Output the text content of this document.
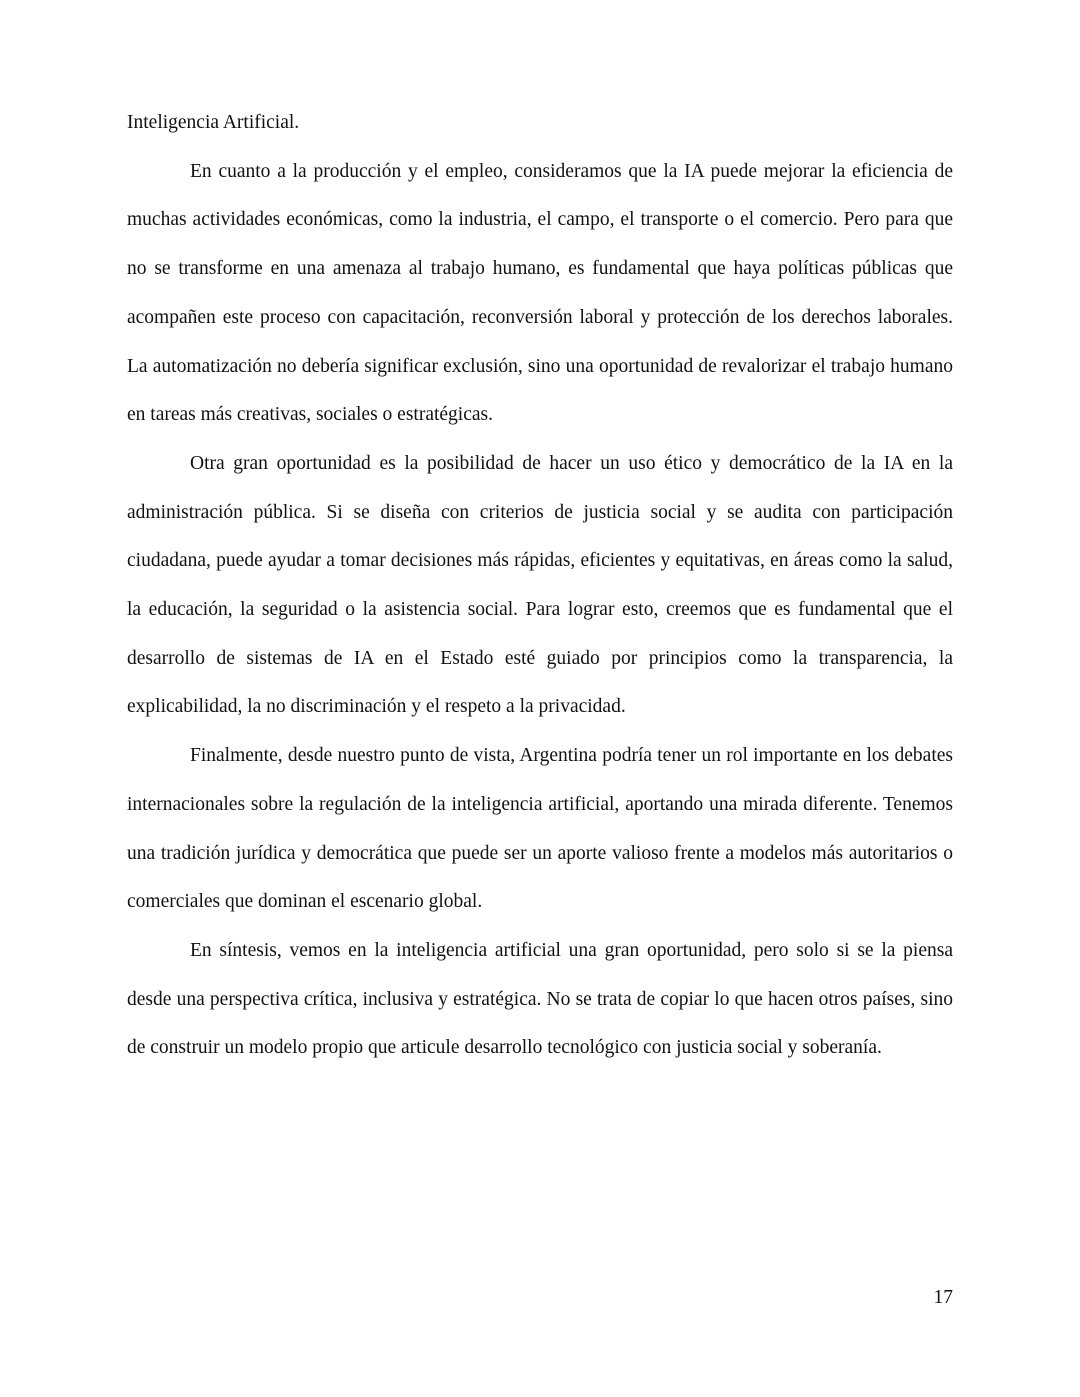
Inteligencia Artificial.

En cuanto a la producción y el empleo, consideramos que la IA puede mejorar la eficiencia de muchas actividades económicas, como la industria, el campo, el transporte o el comercio. Pero para que no se transforme en una amenaza al trabajo humano, es fundamental que haya políticas públicas que acompañen este proceso con capacitación, reconversión laboral y protección de los derechos laborales. La automatización no debería significar exclusión, sino una oportunidad de revalorizar el trabajo humano en tareas más creativas, sociales o estratégicas.

Otra gran oportunidad es la posibilidad de hacer un uso ético y democrático de la IA en la administración pública. Si se diseña con criterios de justicia social y se audita con participación ciudadana, puede ayudar a tomar decisiones más rápidas, eficientes y equitativas, en áreas como la salud, la educación, la seguridad o la asistencia social. Para lograr esto, creemos que es fundamental que el desarrollo de sistemas de IA en el Estado esté guiado por principios como la transparencia, la explicabilidad, la no discriminación y el respeto a la privacidad.

Finalmente, desde nuestro punto de vista, Argentina podría tener un rol importante en los debates internacionales sobre la regulación de la inteligencia artificial, aportando una mirada diferente. Tenemos una tradición jurídica y democrática que puede ser un aporte valioso frente a modelos más autoritarios o comerciales que dominan el escenario global.

En síntesis, vemos en la inteligencia artificial una gran oportunidad, pero solo si se la piensa desde una perspectiva crítica, inclusiva y estratégica. No se trata de copiar lo que hacen otros países, sino de construir un modelo propio que articule desarrollo tecnológico con justicia social y soberanía.

17
